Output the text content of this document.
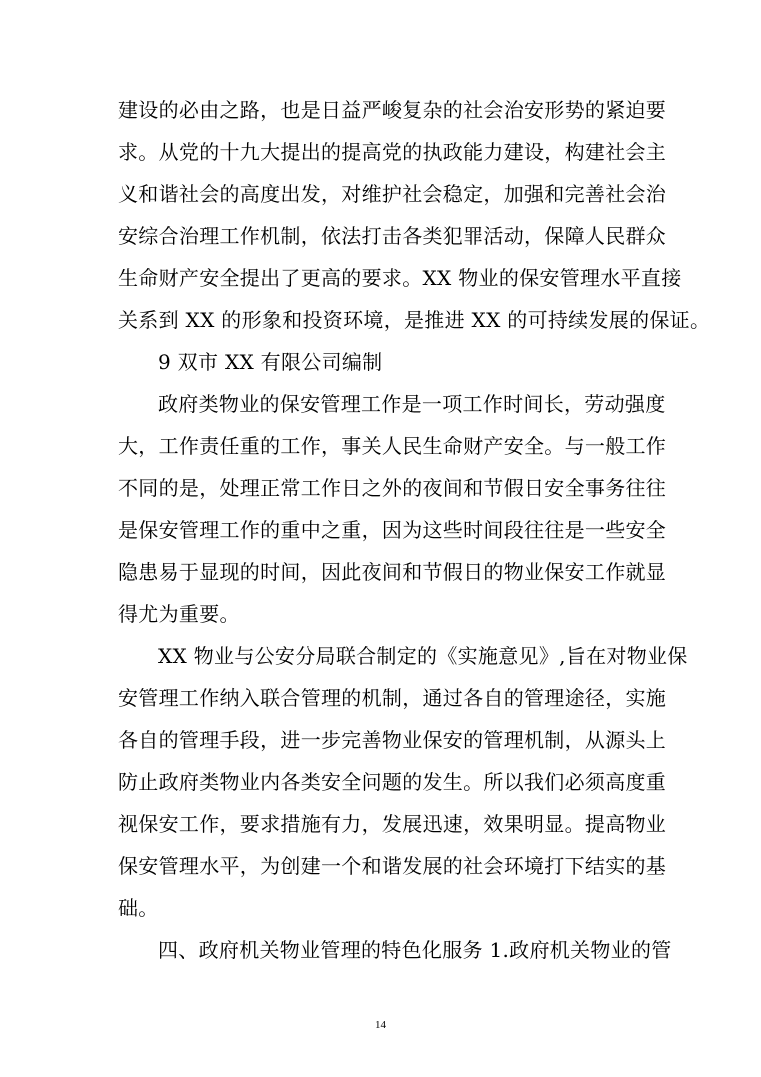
建设的必由之路，也是日益严峻复杂的社会治安形势的紧迫要
求。从党的十九大提出的提高党的执政能力建设，构建社会主
义和谐社会的高度出发，对维护社会稳定，加强和完善社会治
安综合治理工作机制，依法打击各类犯罪活动，保障人民群众
生命财产安全提出了更高的要求。XX 物业的保安管理水平直接
关系到 XX 的形象和投资环境，是推进 XX 的可持续发展的保证。
9 双市 XX 有限公司编制
政府类物业的保安管理工作是一项工作时间长，劳动强度
大，工作责任重的工作，事关人民生命财产安全。与一般工作
不同的是，处理正常工作日之外的夜间和节假日安全事务往往
是保安管理工作的重中之重，因为这些时间段往往是一些安全
隐患易于显现的时间，因此夜间和节假日的物业保安工作就显
得尤为重要。
XX 物业与公安分局联合制定的《实施意见》,旨在对物业保
安管理工作纳入联合管理的机制，通过各自的管理途径，实施
各自的管理手段，进一步完善物业保安的管理机制，从源头上
防止政府类物业内各类安全问题的发生。所以我们必须高度重
视保安工作，要求措施有力，发展迅速，效果明显。提高物业
保安管理水平，为创建一个和谐发展的社会环境打下结实的基
础。
四、政府机关物业管理的特色化服务 1.政府机关物业的管
14
